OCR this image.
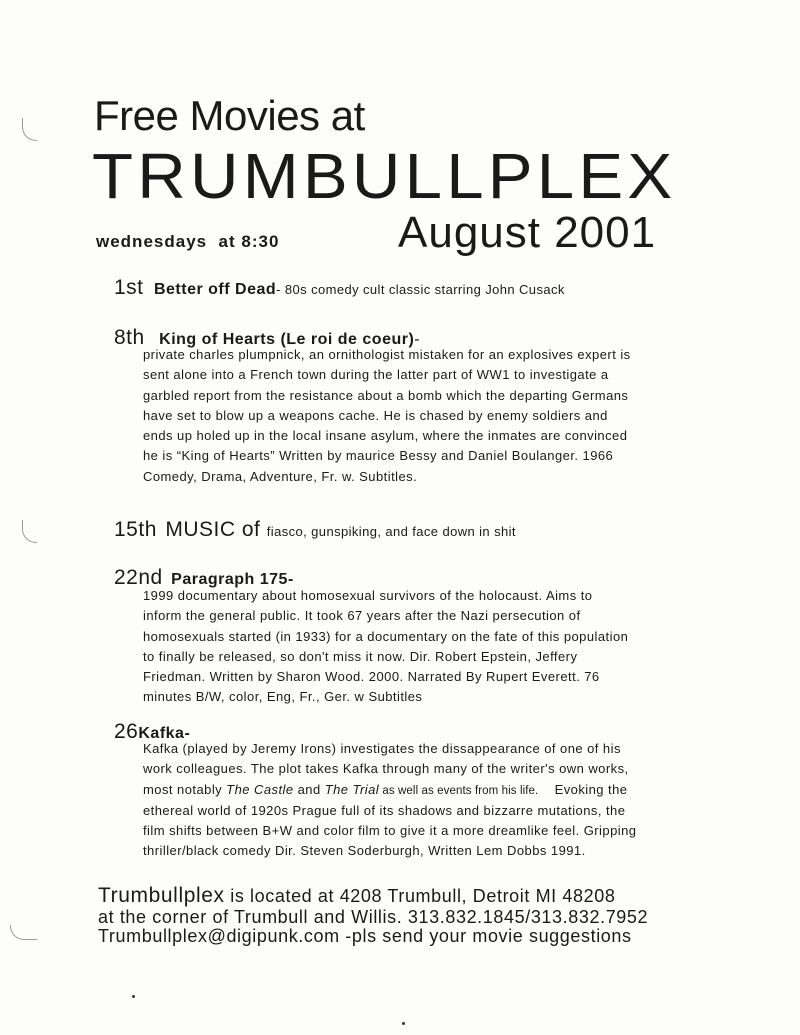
Free Movies at
TRUMBULLPLEX
wednesdays  at 8:30	August 2001
1st Better off Dead- 80s comedy cult classic starring John Cusack
8th King of Hearts (Le roi de coeur)-
private charles plumpnick, an ornithologist mistaken for an explosives expert is
sent alone into a French town during the latter part of WW1 to investigate a
garbled report from the resistance about a bomb which the departing Germans
have set to blow up a weapons cache. He is chased by enemy soldiers and
ends up holed up in the local insane asylum, where the inmates are convinced
he is “King of Hearts” Written by maurice Bessy and Daniel Boulanger. 1966
Comedy, Drama, Adventure, Fr. w. Subtitles.
15th MUSIC of fiasco, gunspiking, and face down in shit
22nd Paragraph 175-
1999 documentary about homosexual survivors of the holocaust. Aims to
inform the general public. It took 67 years after the Nazi persecution of
homosexuals started (in 1933) for a documentary on the fate of this population
to finally be released, so don't miss it now. Dir. Robert Epstein, Jeffery
Friedman. Written by Sharon Wood. 2000. Narrated By Rupert Everett. 76
minutes B/W, color, Eng, Fr., Ger. w Subtitles
26Kafka-
Kafka (played by Jeremy Irons) investigates the dissappearance of one of his
work colleagues. The plot takes Kafka through many of the writer's own works,
most notably The Castle and The Trial as well as events from his life.    Evoking the
ethereal world of 1920s Prague full of its shadows and bizzarre mutations, the
film shifts between B+W and color film to give it a more dreamlike feel. Gripping
thriller/black comedy Dir. Steven Soderburgh, Written Lem Dobbs 1991.
Trumbullplex is located at 4208 Trumbull, Detroit MI 48208
at the corner of Trumbull and Willis. 313.832.1845/313.832.7952
Trumbullplex@digipunk.com -pls send your movie suggestions
